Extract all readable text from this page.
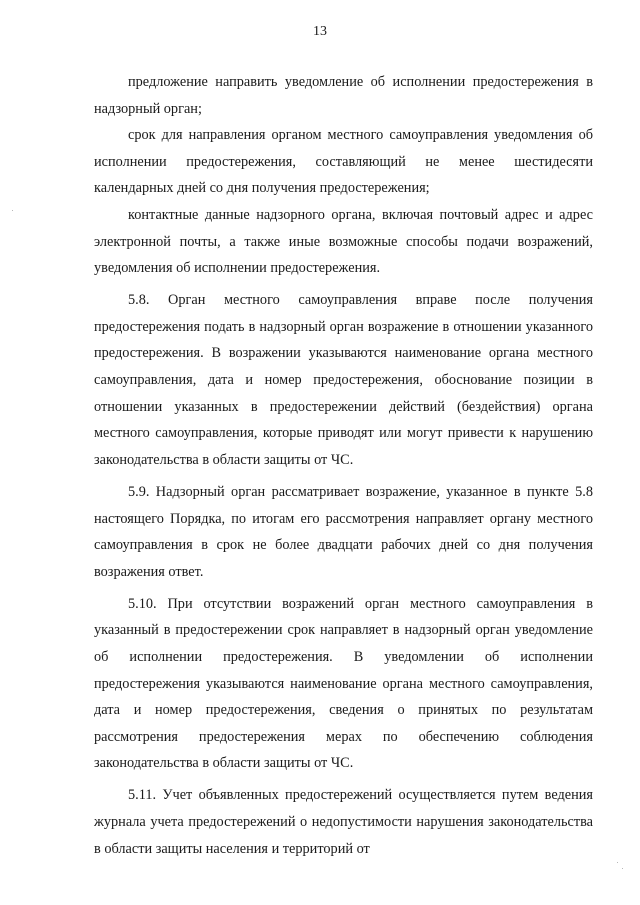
13

предложение направить уведомление об исполнении предостережения в надзорный орган;

срок для направления органом местного самоуправления уведомления об исполнении предостережения, составляющий не менее шестидесяти календарных дней со дня получения предостережения;

контактные данные надзорного органа, включая почтовый адрес и адрес электронной почты, а также иные возможные способы подачи возражений, уведомления об исполнении предостережения.

5.8. Орган местного самоуправления вправе после получения предостережения подать в надзорный орган возражение в отношении указанного предостережения. В возражении указываются наименование органа местного самоуправления, дата и номер предостережения, обоснование позиции в отношении указанных в предостережении действий (бездействия) органа местного самоуправления, которые приводят или могут привести к нарушению законодательства в области защиты от ЧС.

5.9. Надзорный орган рассматривает возражение, указанное в пункте 5.8 настоящего Порядка, по итогам его рассмотрения направляет органу местного самоуправления в срок не более двадцати рабочих дней со дня получения возражения ответ.

5.10. При отсутствии возражений орган местного самоуправления в указанный в предостережении срок направляет в надзорный орган уведомление об исполнении предостережения. В уведомлении об исполнении предостережения указываются наименование органа местного самоуправления, дата и номер предостережения, сведения о принятых по результатам рассмотрения предостережения мерах по обеспечению соблюдения законодательства в области защиты от ЧС.

5.11. Учет объявленных предостережений осуществляется путем ведения журнала учета предостережений о недопустимости нарушения законодательства в области защиты населения и территорий от
